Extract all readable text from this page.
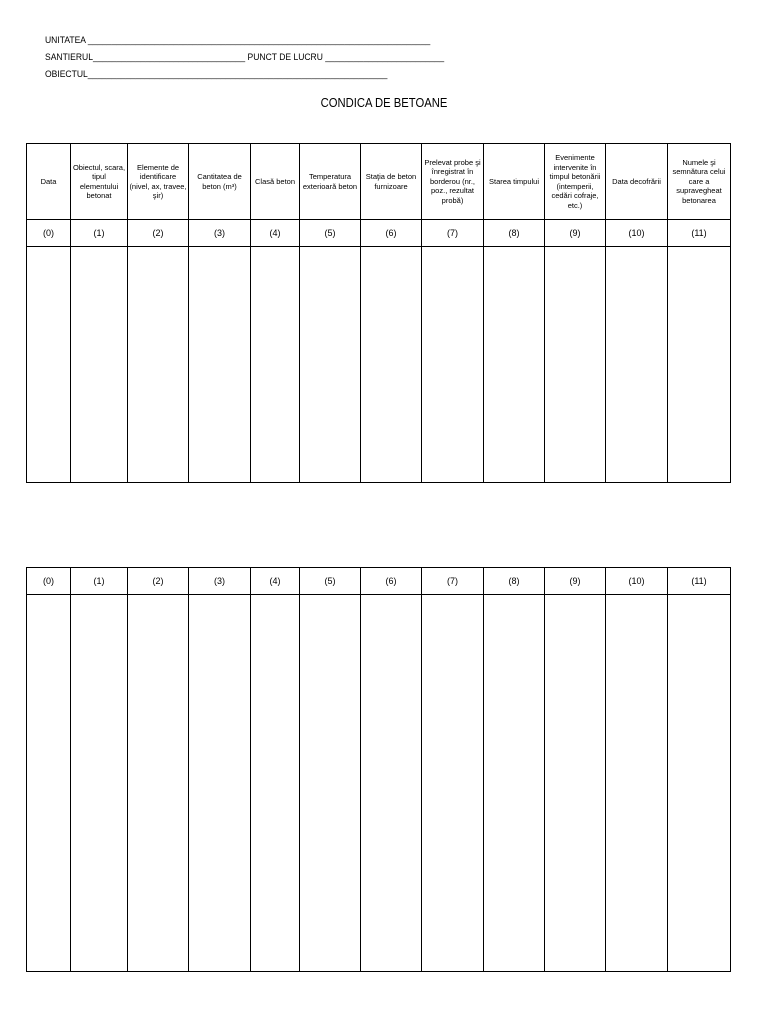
UNITATEA ________________________________________________________________________
SANTIERUL________________________________ PUNCT DE LUCRU _________________________
OBIECTUL_______________________________________________________________
CONDICA DE BETOANE
Data	Obiectul, scara, tipul elementului betonat	Elemente de identificare (nivel, ax, travee, şir)	Cantitatea de beton (m³)	Clasă beton	Temperatura exterioară beton	Staţia de beton furnizoare	Prelevat probe şi înregistrat în borderou (nr., poz., rezultat probă)	Starea timpului	Evenimente intervenite în timpul betonării (intemperii, cedări cofraje, etc.)	Data decofrării	Numele şi semnătura celui care a supravegheat betonarea
(0)	(1)	(2)	(3)	(4)	(5)	(6)	(7)	(8)	(9)	(10)	(11)

(0)	(1)	(2)	(3)	(4)	(5)	(6)	(7)	(8)	(9)	(10)	(11)
